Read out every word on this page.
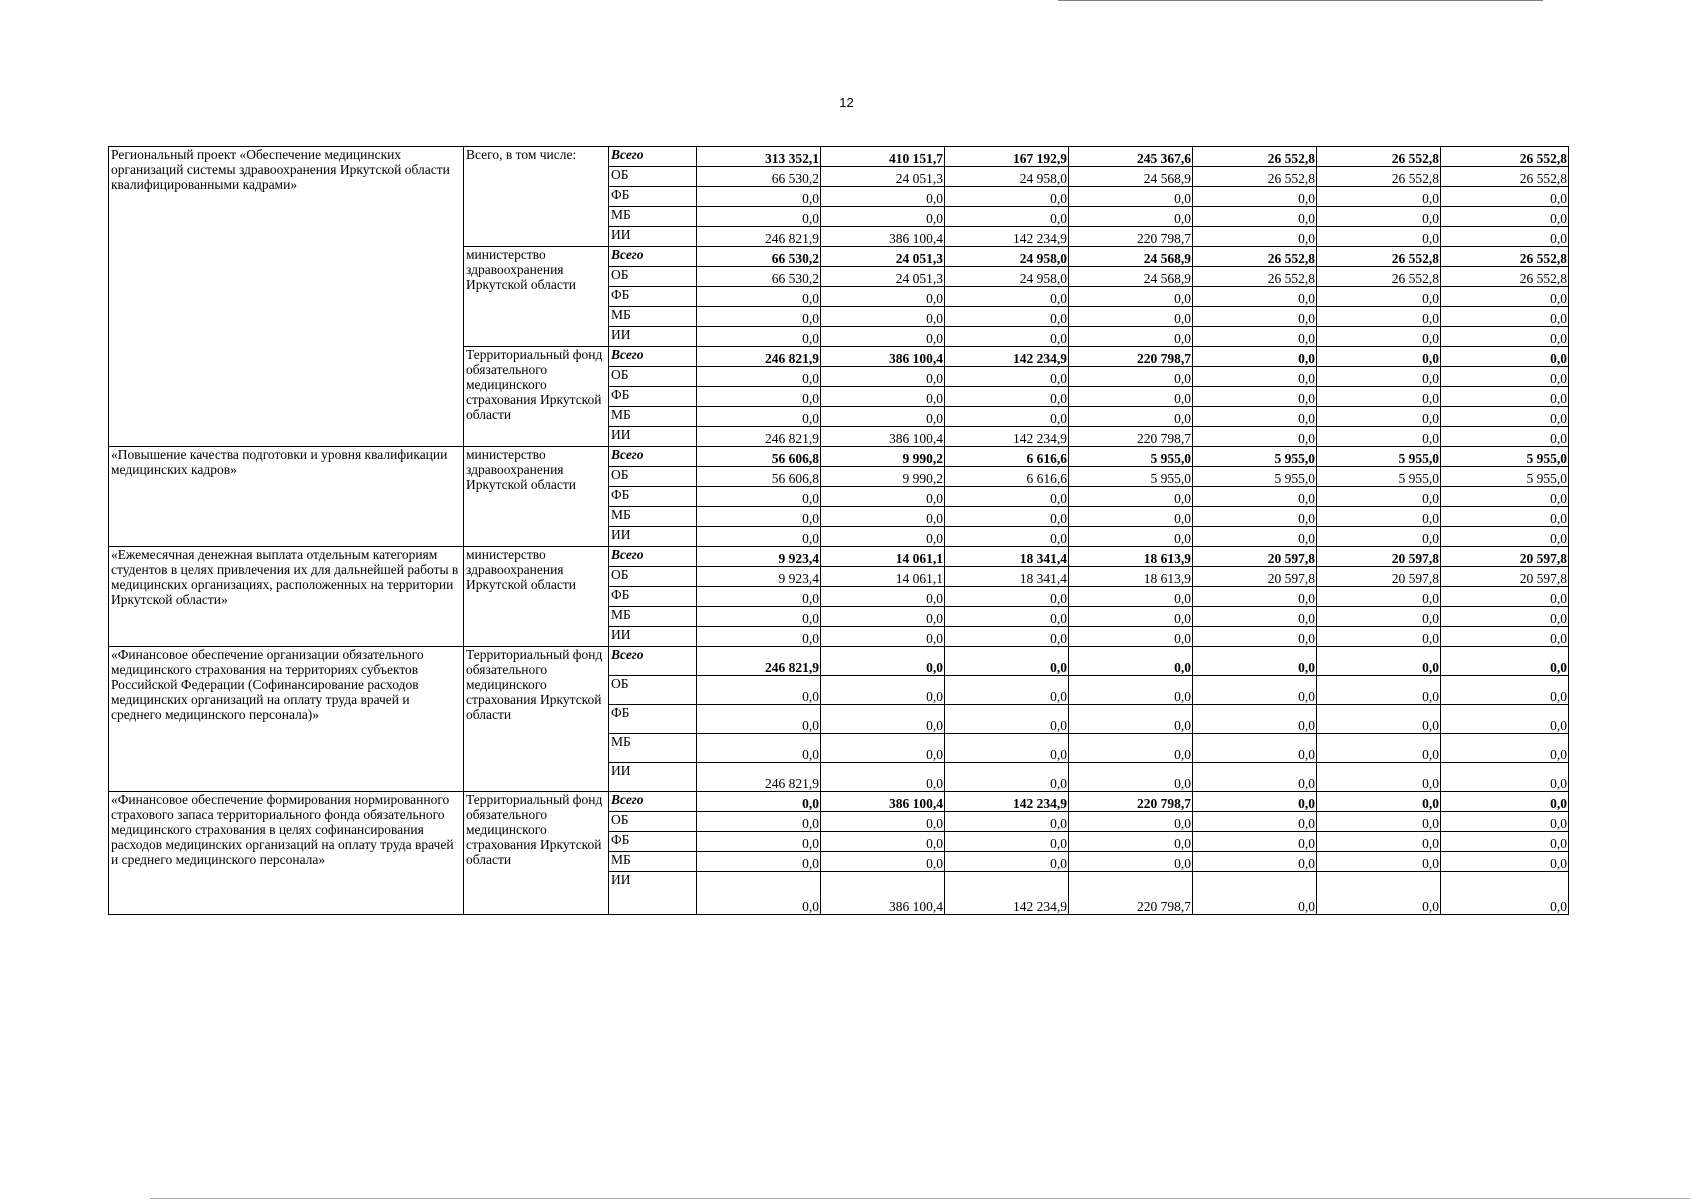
12
Региональный проект «Обеспечение медицинских организаций системы здравоохранения Иркутской области квалифицированными кадрами»	Всего, в том числе:	Всего	313 352,1	410 151,7	167 192,9	245 367,6	26 552,8	26 552,8	26 552,8
		ОБ	66 530,2	24 051,3	24 958,0	24 568,9	26 552,8	26 552,8	26 552,8
		ФБ	0,0	0,0	0,0	0,0	0,0	0,0	0,0
		МБ	0,0	0,0	0,0	0,0	0,0	0,0	0,0
		ИИ	246 821,9	386 100,4	142 234,9	220 798,7	0,0	0,0	0,0
	министерство здравоохранения Иркутской области	Всего	66 530,2	24 051,3	24 958,0	24 568,9	26 552,8	26 552,8	26 552,8
		ОБ	66 530,2	24 051,3	24 958,0	24 568,9	26 552,8	26 552,8	26 552,8
		ФБ	0,0	0,0	0,0	0,0	0,0	0,0	0,0
		МБ	0,0	0,0	0,0	0,0	0,0	0,0	0,0
		ИИ	0,0	0,0	0,0	0,0	0,0	0,0	0,0
	Территориальный фонд обязательного медицинского страхования Иркутской области	Всего	246 821,9	386 100,4	142 234,9	220 798,7	0,0	0,0	0,0
		ОБ	0,0	0,0	0,0	0,0	0,0	0,0	0,0
		ФБ	0,0	0,0	0,0	0,0	0,0	0,0	0,0
		МБ	0,0	0,0	0,0	0,0	0,0	0,0	0,0
		ИИ	246 821,9	386 100,4	142 234,9	220 798,7	0,0	0,0	0,0
«Повышение качества подготовки и уровня квалификации медицинских кадров»	министерство здравоохранения Иркутской области	Всего	56 606,8	9 990,2	6 616,6	5 955,0	5 955,0	5 955,0	5 955,0
		ОБ	56 606,8	9 990,2	6 616,6	5 955,0	5 955,0	5 955,0	5 955,0
		ФБ	0,0	0,0	0,0	0,0	0,0	0,0	0,0
		МБ	0,0	0,0	0,0	0,0	0,0	0,0	0,0
		ИИ	0,0	0,0	0,0	0,0	0,0	0,0	0,0
«Ежемесячная денежная выплата отдельным категориям студентов в целях привлечения их для дальнейшей работы в медицинских организациях, расположенных на территории Иркутской области»	министерство здравоохранения Иркутской области	Всего	9 923,4	14 061,1	18 341,4	18 613,9	20 597,8	20 597,8	20 597,8
		ОБ	9 923,4	14 061,1	18 341,4	18 613,9	20 597,8	20 597,8	20 597,8
		ФБ	0,0	0,0	0,0	0,0	0,0	0,0	0,0
		МБ	0,0	0,0	0,0	0,0	0,0	0,0	0,0
		ИИ	0,0	0,0	0,0	0,0	0,0	0,0	0,0
«Финансовое обеспечение организации обязательного медицинского страхования на территориях субъектов Российской Федерации (Софинансирование расходов медицинских организаций на оплату труда врачей и среднего медицинского персонала)»	Территориальный фонд обязательного медицинского страхования Иркутской области	Всего	246 821,9	0,0	0,0	0,0	0,0	0,0	0,0
		ОБ	0,0	0,0	0,0	0,0	0,0	0,0	0,0
		ФБ	0,0	0,0	0,0	0,0	0,0	0,0	0,0
		МБ	0,0	0,0	0,0	0,0	0,0	0,0	0,0
		ИИ	246 821,9	0,0	0,0	0,0	0,0	0,0	0,0
«Финансовое обеспечение формирования нормированного страхового запаса территориального фонда обязательного медицинского страхования в целях софинансирования расходов медицинских организаций на оплату труда врачей и среднего медицинского персонала»	Территориальный фонд обязательного медицинского страхования Иркутской области	Всего	0,0	386 100,4	142 234,9	220 798,7	0,0	0,0	0,0
		ОБ	0,0	0,0	0,0	0,0	0,0	0,0	0,0
		ФБ	0,0	0,0	0,0	0,0	0,0	0,0	0,0
		МБ	0,0	0,0	0,0	0,0	0,0	0,0	0,0
		ИИ	0,0	386 100,4	142 234,9	220 798,7	0,0	0,0	0,0
